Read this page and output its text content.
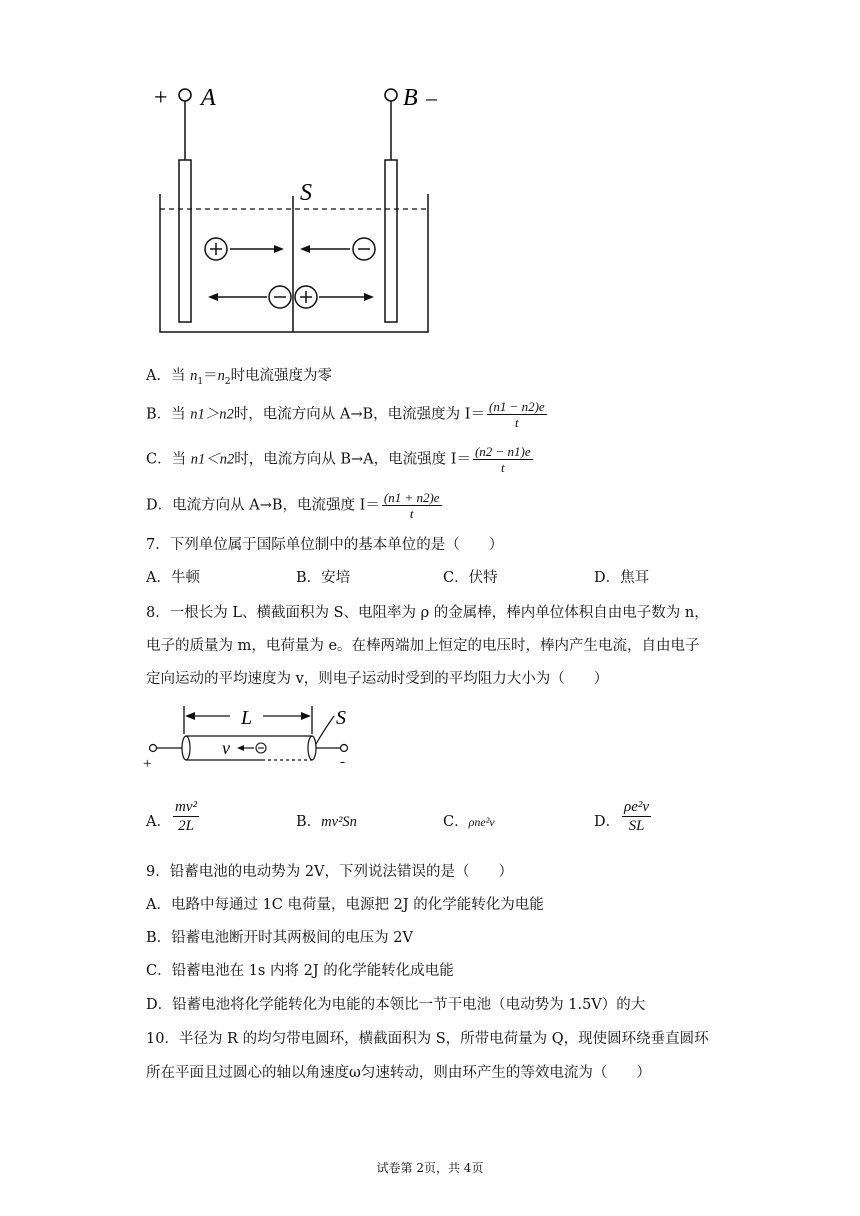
+ A	B –
S
A．当 $n_1=n_2$时电流强度为零
B．当 n1＞n2时，电流方向从 A→B，电流强度为 $I= \frac{(n1 - n2)e}{t}$
C．当 n1＜n2时，电流方向从 B→A，电流强度 $I= \frac{(n2 - n1)e}{t}$
D．电流方向从 A→B，电流强度 $I= \frac{(n1 + n2)e}{t}$
7．下列单位属于国际单位制中的基本单位的是（　　）
A．牛顿	B．安培	C．伏特	D．焦耳
8．一根长为 L、横截面积为 S、电阻率为 ρ 的金属棒，棒内单位体积自由电子数为 n，
电子的质量为 m，电荷量为 e。在棒两端加上恒定的电压时，棒内产生电流，自由电子
定向运动的平均速度为 v，则电子运动时受到的平均阻力大小为（　　）
L	S
v
+	-
A． $\frac{\text{mv²}}{2L}$	B．mv²Sn	C．ρne²v	D． $\frac{\text{ρe²v}}{SL}$
9．铅蓄电池的电动势为 2V，下列说法错误的是（　　）
A．电路中每通过 1C 电荷量，电源把 2J 的化学能转化为电能
B．铅蓄电池断开时其两极间的电压为 2V
C．铅蓄电池在 1s 内将 2J 的化学能转化成电能
D．铅蓄电池将化学能转化为电能的本领比一节干电池（电动势为 1.5V）的大
10．半径为 R 的均匀带电圆环，横截面积为 S，所带电荷量为 Q，现使圆环绕垂直圆环
所在平面且过圆心的轴以角速度ω匀速转动，则由环产生的等效电流为（　　）
试卷第 2页，共 4页
